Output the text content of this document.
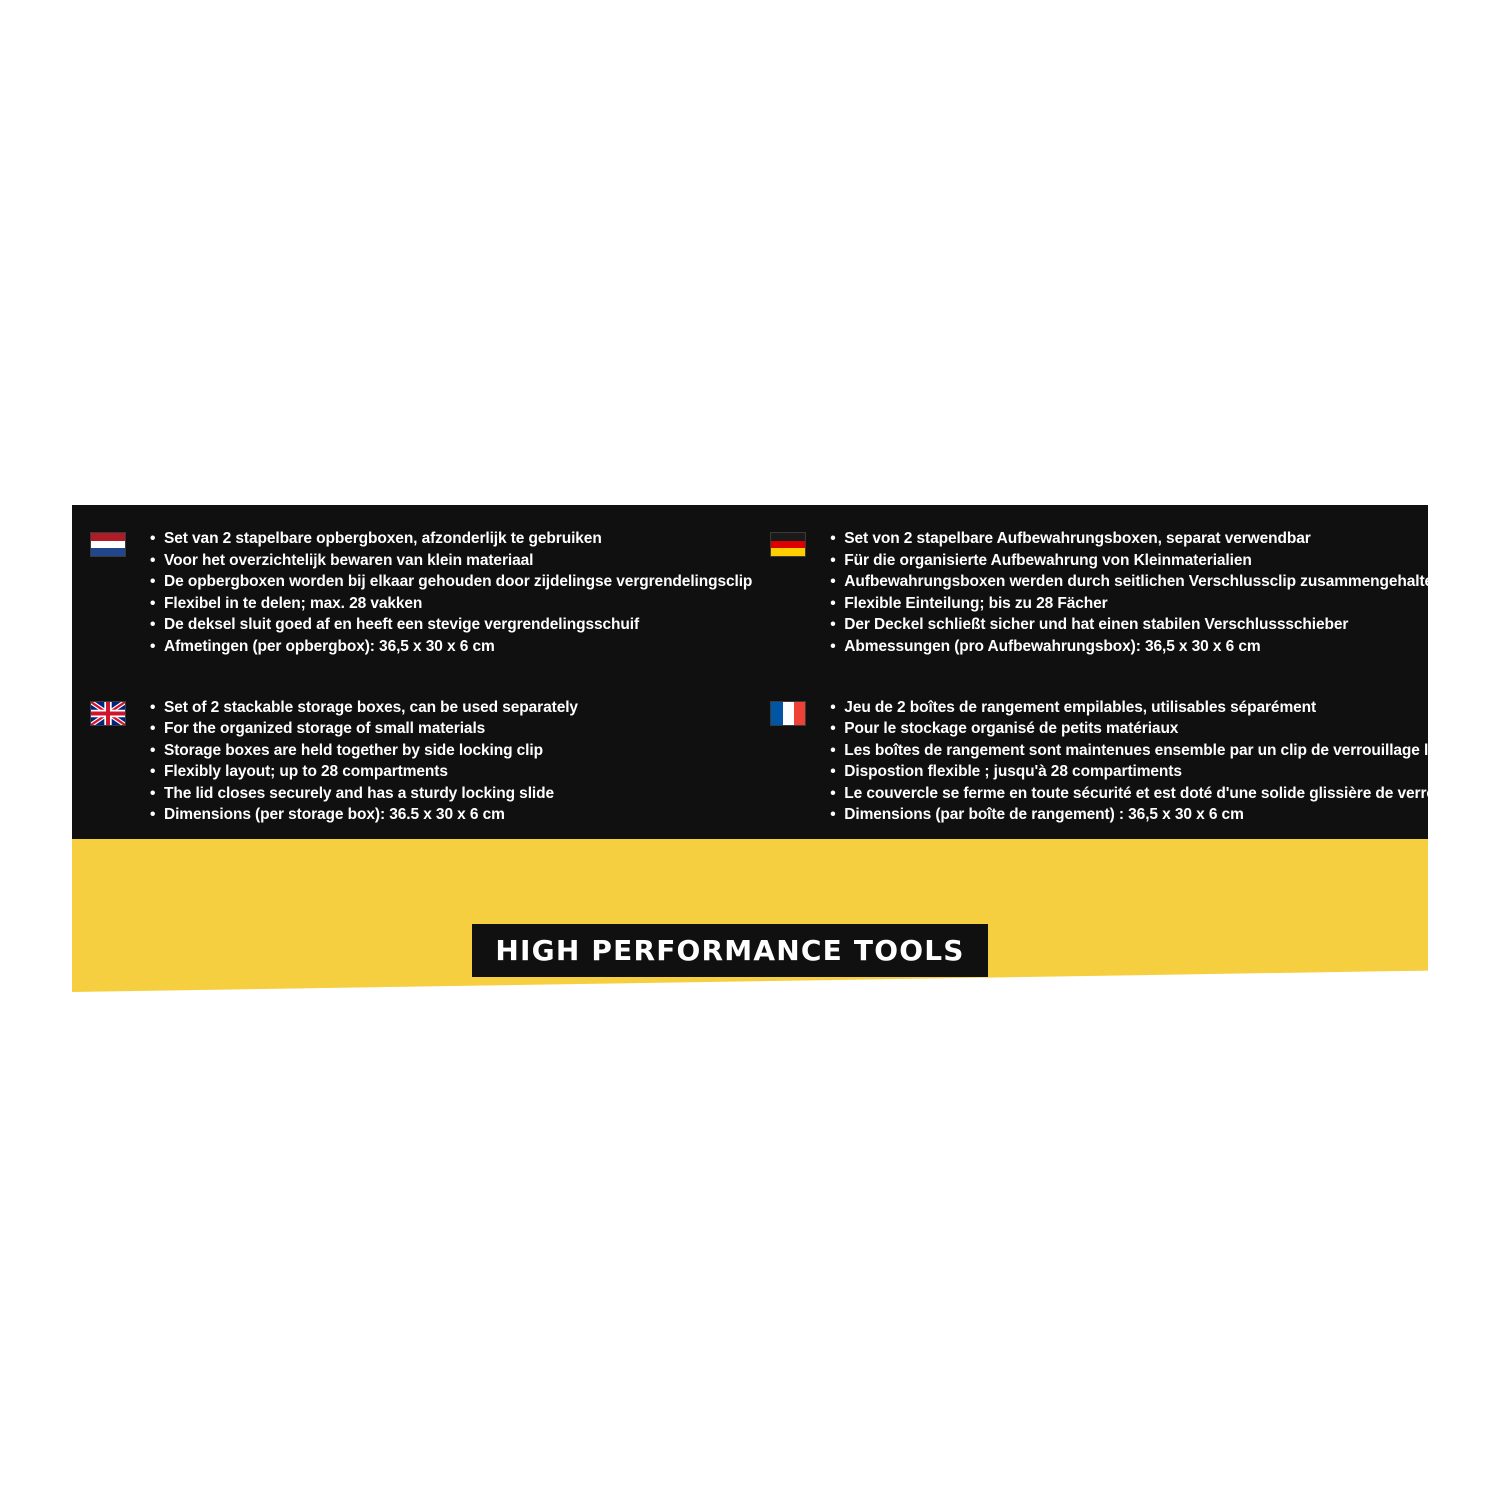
• Set van 2 stapelbare opbergboxen, afzonderlijk te gebruiken
• Voor het overzichtelijk bewaren van klein materiaal
• De opbergboxen worden bij elkaar gehouden door zijdelingse vergrendelingsclip
• Flexibel in te delen; max. 28 vakken
• De deksel sluit goed af en heeft een stevige vergrendelingsschuif
• Afmetingen (per opbergbox): 36,5 x 30 x 6 cm
• Set von 2 stapelbare Aufbewahrungsboxen, separat verwendbar
• Für die organisierte Aufbewahrung von Kleinmaterialien
• Aufbewahrungsboxen werden durch seitlichen Verschlussclip zusammengehalten
• Flexible Einteilung; bis zu 28 Fächer
• Der Deckel schließt sicher und hat einen stabilen Verschlussschieber
• Abmessungen (pro Aufbewahrungsbox): 36,5 x 30 x 6 cm
• Set of 2 stackable storage boxes, can be used separately
• For the organized storage of small materials
• Storage boxes are held together by side locking clip
• Flexibly layout; up to 28 compartments
• The lid closes securely and has a sturdy locking slide
• Dimensions (per storage box): 36.5 x 30 x 6 cm
• Jeu de 2 boîtes de rangement empilables, utilisables séparément
• Pour le stockage organisé de petits matériaux
• Les boîtes de rangement sont maintenues ensemble par un clip de verrouillage latéral
• Dispostion flexible ; jusqu'à 28 compartiments
• Le couvercle se ferme en toute sécurité et est doté d'une solide glissière de verrouillage
• Dimensions (par boîte de rangement) : 36,5 x 30 x 6 cm
HIGH PERFORMANCE TOOLS
